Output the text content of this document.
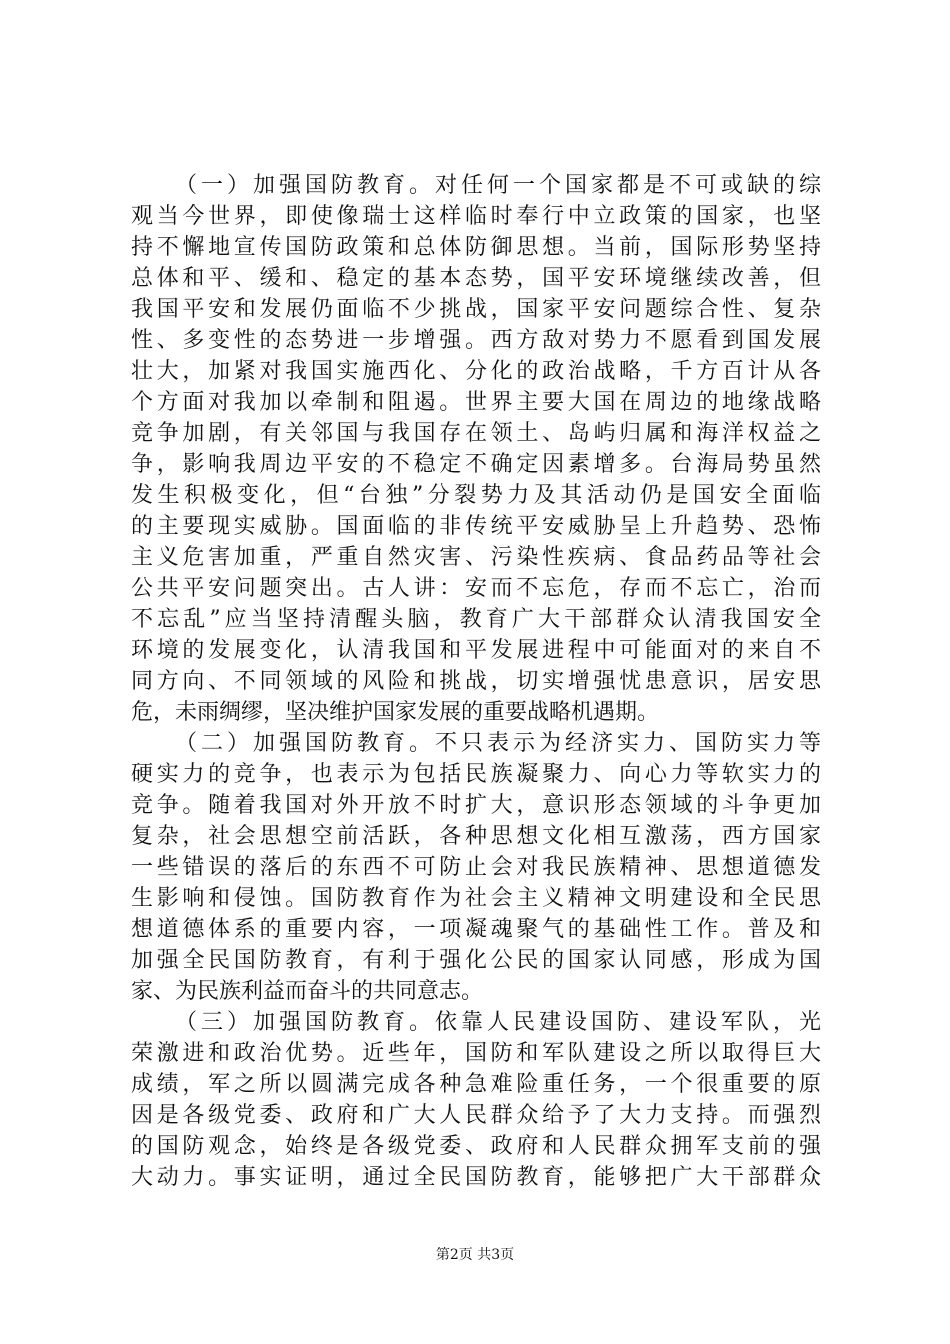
（一）加强国防教育。对任何一个国家都是不可或缺的综
观当今世界，即使像瑞士这样临时奉行中立政策的国家，也坚
持不懈地宣传国防政策和总体防御思想。当前，国际形势坚持
总体和平、缓和、稳定的基本态势，国平安环境继续改善，但
我国平安和发展仍面临不少挑战，国家平安问题综合性、复杂
性、多变性的态势进一步增强。西方敌对势力不愿看到国发展
壮大，加紧对我国实施西化、分化的政治战略，千方百计从各
个方面对我加以牵制和阻遏。世界主要大国在周边的地缘战略
竞争加剧，有关邻国与我国存在领土、岛屿归属和海洋权益之
争，影响我周边平安的不稳定不确定因素增多。台海局势虽然
发生积极变化，但“台独”分裂势力及其活动仍是国安全面临
的主要现实威胁。国面临的非传统平安威胁呈上升趋势、恐怖
主义危害加重，严重自然灾害、污染性疾病、食品药品等社会
公共平安问题突出。古人讲：安而不忘危，存而不忘亡，治而
不忘乱”应当坚持清醒头脑，教育广大干部群众认清我国安全
环境的发展变化，认清我国和平发展进程中可能面对的来自不
同方向、不同领域的风险和挑战，切实增强忧患意识，居安思
危，未雨绸缪，坚决维护国家发展的重要战略机遇期。
（二）加强国防教育。不只表示为经济实力、国防实力等
硬实力的竞争，也表示为包括民族凝聚力、向心力等软实力的
竞争。随着我国对外开放不时扩大，意识形态领域的斗争更加
复杂，社会思想空前活跃，各种思想文化相互激荡，西方国家
一些错误的落后的东西不可防止会对我民族精神、思想道德发
生影响和侵蚀。国防教育作为社会主义精神文明建设和全民思
想道德体系的重要内容，一项凝魂聚气的基础性工作。普及和
加强全民国防教育，有利于强化公民的国家认同感，形成为国
家、为民族利益而奋斗的共同意志。
（三）加强国防教育。依靠人民建设国防、建设军队，光
荣激进和政治优势。近些年，国防和军队建设之所以取得巨大
成绩，军之所以圆满完成各种急难险重任务，一个很重要的原
因是各级党委、政府和广大人民群众给予了大力支持。而强烈
的国防观念，始终是各级党委、政府和人民群众拥军支前的强
大动力。事实证明，通过全民国防教育，能够把广大干部群众
第2页 共3页
